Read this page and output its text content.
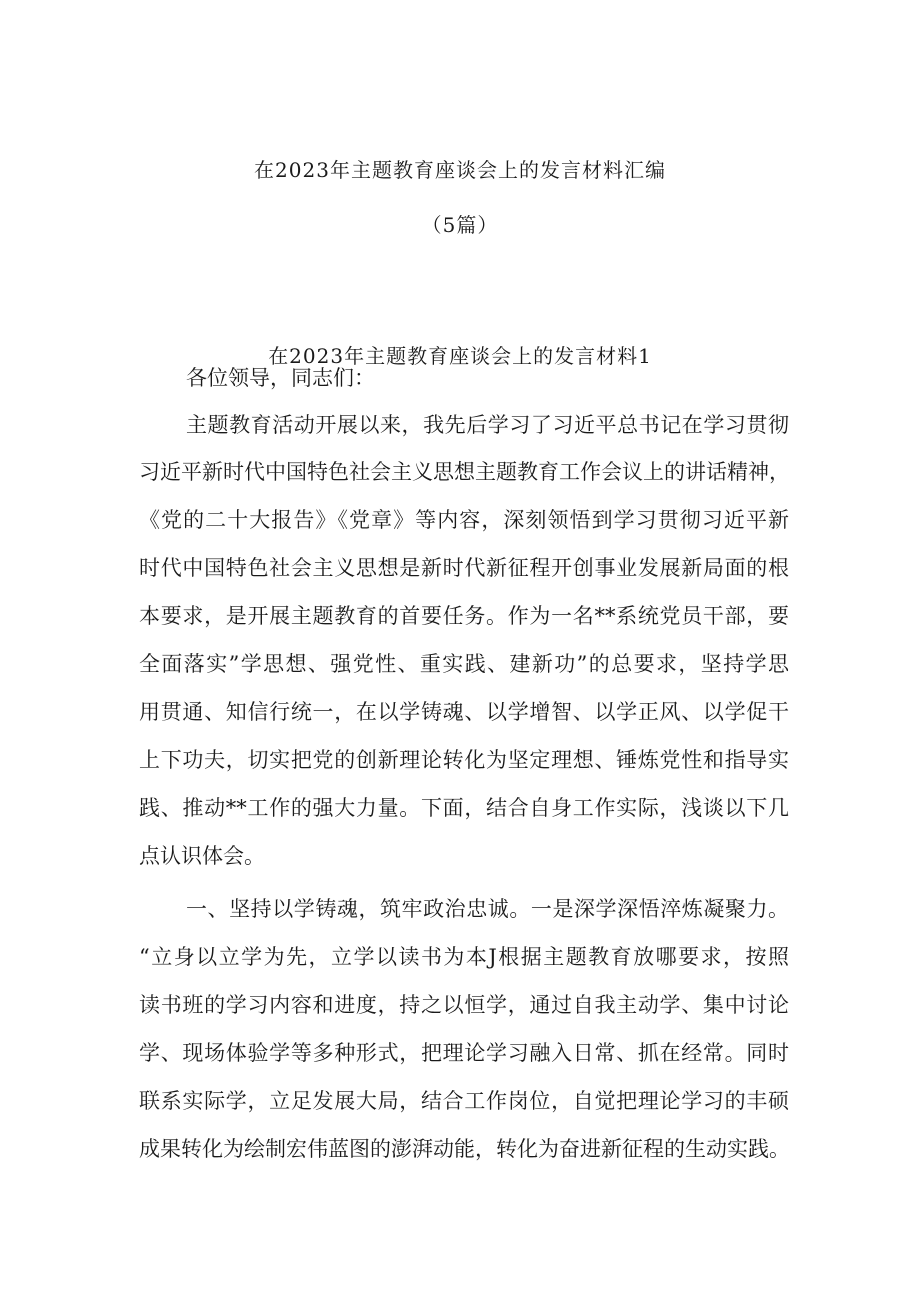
在2023年主题教育座谈会上的发言材料汇编
（5篇）
在2023年主题教育座谈会上的发言材料1

各位领导，同志们：

主题教育活动开展以来，我先后学习了习近平总书记在学习贯彻

习近平新时代中国特色社会主义思想主题教育工作会议上的讲话精神，

《党的二十大报告》《党章》等内容，深刻领悟到学习贯彻习近平新

时代中国特色社会主义思想是新时代新征程开创事业发展新局面的根

本要求，是开展主题教育的首要任务。作为一名**系统党员干部，要

全面落实”学思想、强党性、重实践、建新功”的总要求，坚持学思

用贯通、知信行统一，在以学铸魂、以学增智、以学正风、以学促干

上下功夫，切实把党的创新理论转化为坚定理想、锤炼党性和指导实

践、推动**工作的强大力量。下面，结合自身工作实际，浅谈以下几

点认识体会。

一、坚持以学铸魂，筑牢政治忠诚。一是深学深悟淬炼凝聚力。

“立身以立学为先，立学以读书为本J根据主题教育放哪要求，按照

读书班的学习内容和进度，持之以恒学，通过自我主动学、集中讨论

学、现场体验学等多种形式，把理论学习融入日常、抓在经常。同时

联系实际学，立足发展大局，结合工作岗位，自觉把理论学习的丰硕

成果转化为绘制宏伟蓝图的澎湃动能，转化为奋进新征程的生动实践。
